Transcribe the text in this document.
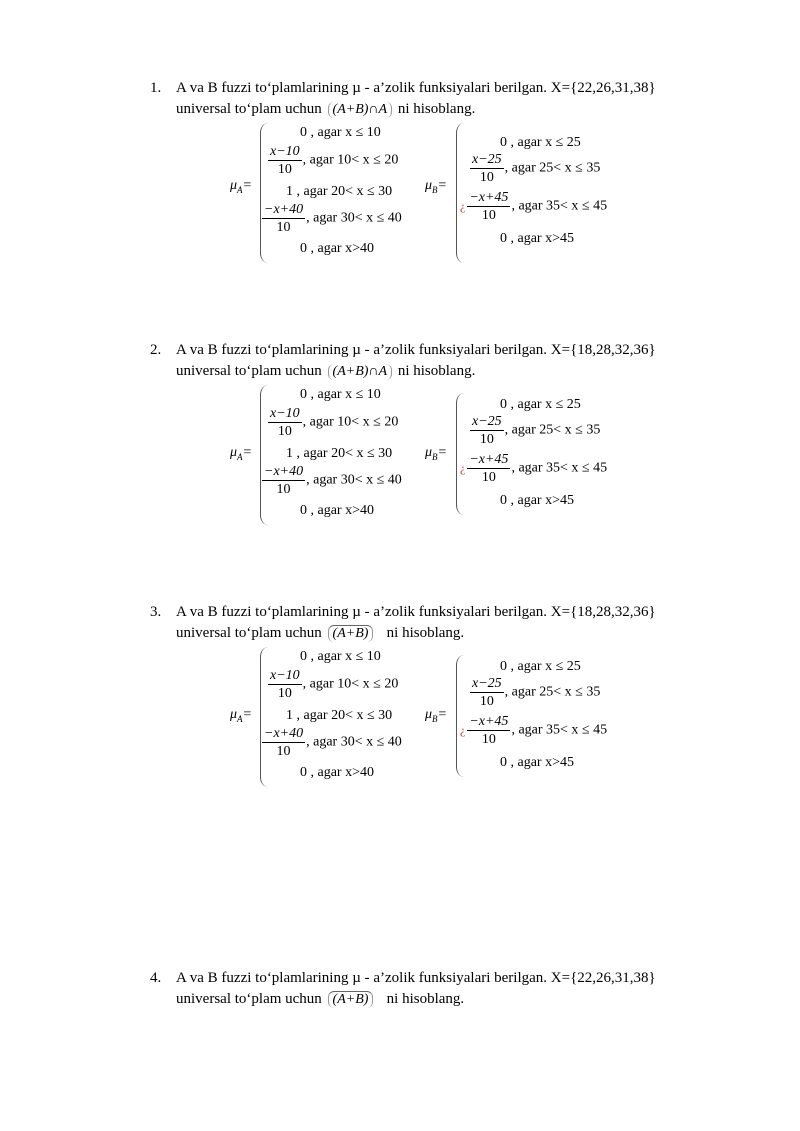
1. A va B fuzzi to‘plamlarining µ - a’zolik funksiyalari berilgan. X={22,26,31,38}
universal to‘plam uchun (A+B)∩A ni hisoblang.
$\mu_A=$
0 , agar x ≤ 10
$\frac{x-10}{10}$ , agar 10< x ≤ 20
1 , agar 20< x ≤ 30
$\frac{-x+40}{10}$ , agar 30< x ≤ 40
0 , agar x>40
$\mu_B=$
0 , agar x ≤ 25
$\frac{x-25}{10}$ , agar 25< x ≤ 35
¿ $\frac{-x+45}{10}$ , agar 35< x ≤ 45
0 , agar x>45
2. A va B fuzzi to‘plamlarining µ - a’zolik funksiyalari berilgan. X={18,28,32,36}
universal to‘plam uchun (A+B)∩A ni hisoblang.
$\mu_A=$
0 , agar x ≤ 10
$\frac{x-10}{10}$ , agar 10< x ≤ 20
1 , agar 20< x ≤ 30
$\frac{-x+40}{10}$ , agar 30< x ≤ 40
0 , agar x>40
$\mu_B=$
0 , agar x ≤ 25
$\frac{x-25}{10}$ , agar 25< x ≤ 35
¿ $\frac{-x+45}{10}$ , agar 35< x ≤ 45
0 , agar x>45
3. A va B fuzzi to‘plamlarining µ - a’zolik funksiyalari berilgan. X={18,28,32,36}
universal to‘plam uchun (A+B) ni hisoblang.
$\mu_A=$
0 , agar x ≤ 10
$\frac{x-10}{10}$ , agar 10< x ≤ 20
1 , agar 20< x ≤ 30
$\frac{-x+40}{10}$ , agar 30< x ≤ 40
0 , agar x>40
$\mu_B=$
0 , agar x ≤ 25
$\frac{x-25}{10}$ , agar 25< x ≤ 35
¿ $\frac{-x+45}{10}$ , agar 35< x ≤ 45
0 , agar x>45
4. A va B fuzzi to‘plamlarining µ - a’zolik funksiyalari berilgan. X={22,26,31,38}
universal to‘plam uchun (A+B) ni hisoblang.
